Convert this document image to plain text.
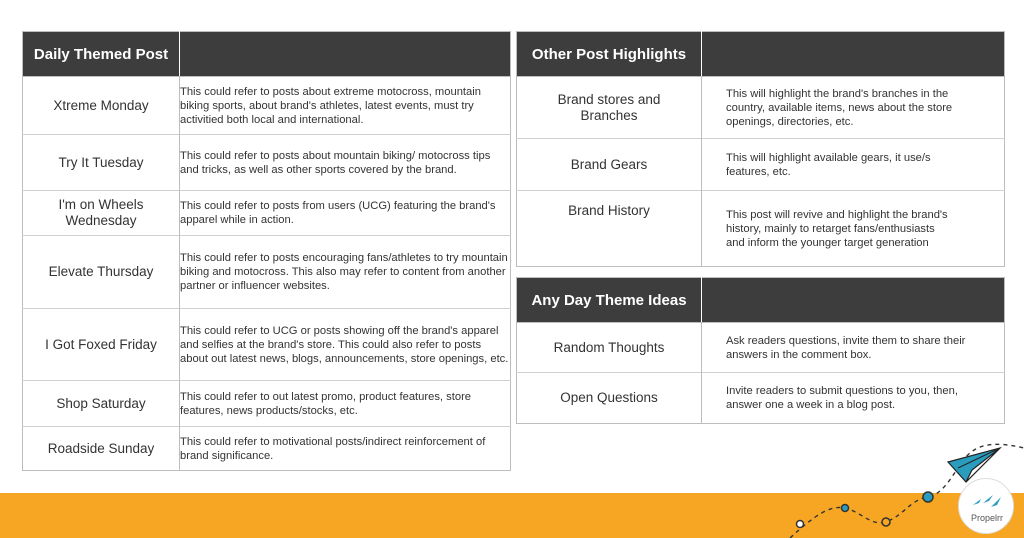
Daily Themed Post	
Xtreme Monday	This could refer to posts about extreme motocross, mountain biking sports, about brand's athletes, latest events, must try activitied both local and international.
Try It Tuesday	This could refer to posts about mountain biking/ motocross tips and tricks, as well as other sports covered by the brand.
I'm on Wheels Wednesday	This could refer to posts from users (UCG) featuring the brand's apparel while in action.
Elevate Thursday	This could refer to posts encouraging fans/athletes to try mountain biking and motocross. This also may refer to content from another partner or influencer websites.
I Got Foxed Friday	This could refer to UCG or posts showing off the brand's apparel and selfies at the brand's store. This could also refer to posts about out latest news, blogs, announcements, store openings, etc.
Shop Saturday	This could refer to out latest promo, product features, store features, news products/stocks, etc.
Roadside Sunday	This could refer to motivational posts/indirect reinforcement of brand significance.
Other Post Highlights	
Brand stores and Branches	This will highlight the brand's branches in the country, available items, news about the store openings, directories, etc.
Brand Gears	This will highlight available gears, it use/s features, etc.
Brand History	This post will revive and highlight the brand's history, mainly to retarget fans/enthusiasts and inform the younger target generation
Any Day Theme Ideas	
Random Thoughts	Ask readers questions, invite them to share their answers in the comment box.
Open Questions	Invite readers to submit questions to you, then, answer one a week in a blog post.
Propelrr
